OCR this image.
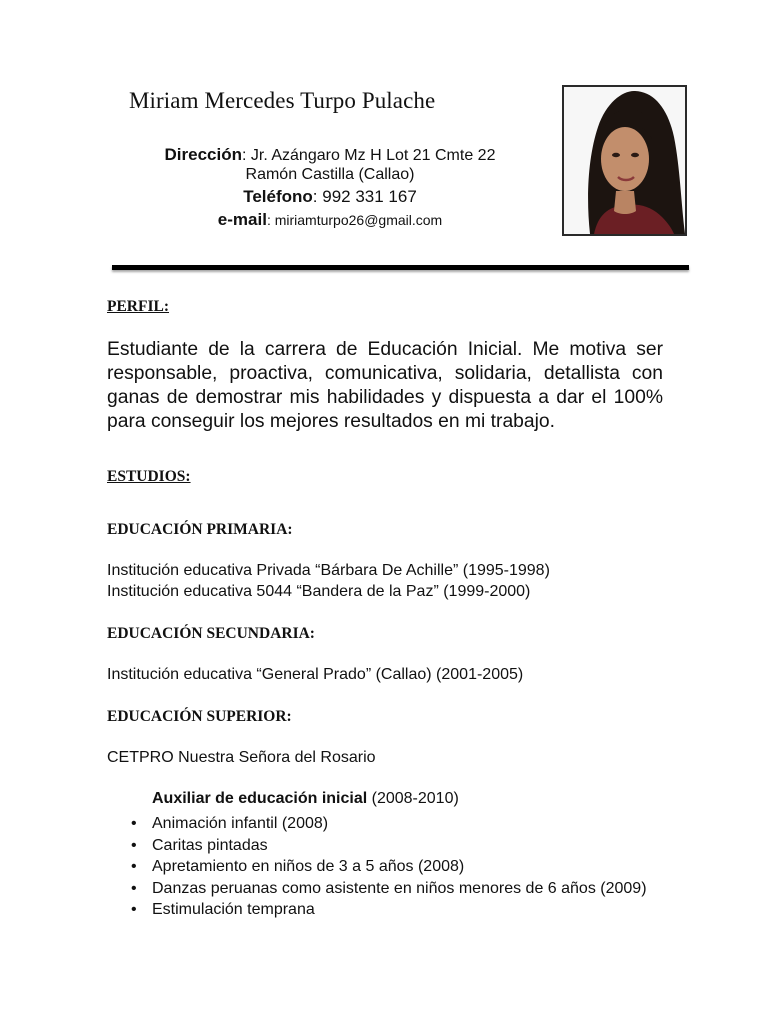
Miriam Mercedes Turpo Pulache
Dirección: Jr. Azángaro Mz H Lot 21 Cmte 22
Ramón Castilla (Callao)
Teléfono: 992 331 167
e-mail: miriamturpo26@gmail.com
PERFIL:
Estudiante de la carrera de Educación Inicial. Me motiva ser responsable, proactiva, comunicativa, solidaria, detallista con ganas de demostrar mis habilidades y dispuesta a dar el 100% para conseguir los mejores resultados en mi trabajo.
ESTUDIOS:
EDUCACIÓN PRIMARIA:
Institución educativa Privada “Bárbara De Achille” (1995-1998)
Institución educativa 5044 “Bandera de la Paz” (1999-2000)
EDUCACIÓN SECUNDARIA:
Institución educativa “General Prado” (Callao) (2001-2005)
EDUCACIÓN SUPERIOR:
CETPRO Nuestra Señora del Rosario
Auxiliar de educación inicial (2008-2010)
• Animación infantil (2008)
• Caritas pintadas
• Apretamiento en niños de 3 a 5 años (2008)
• Danzas peruanas como asistente en niños menores de 6 años (2009)
• Estimulación temprana
